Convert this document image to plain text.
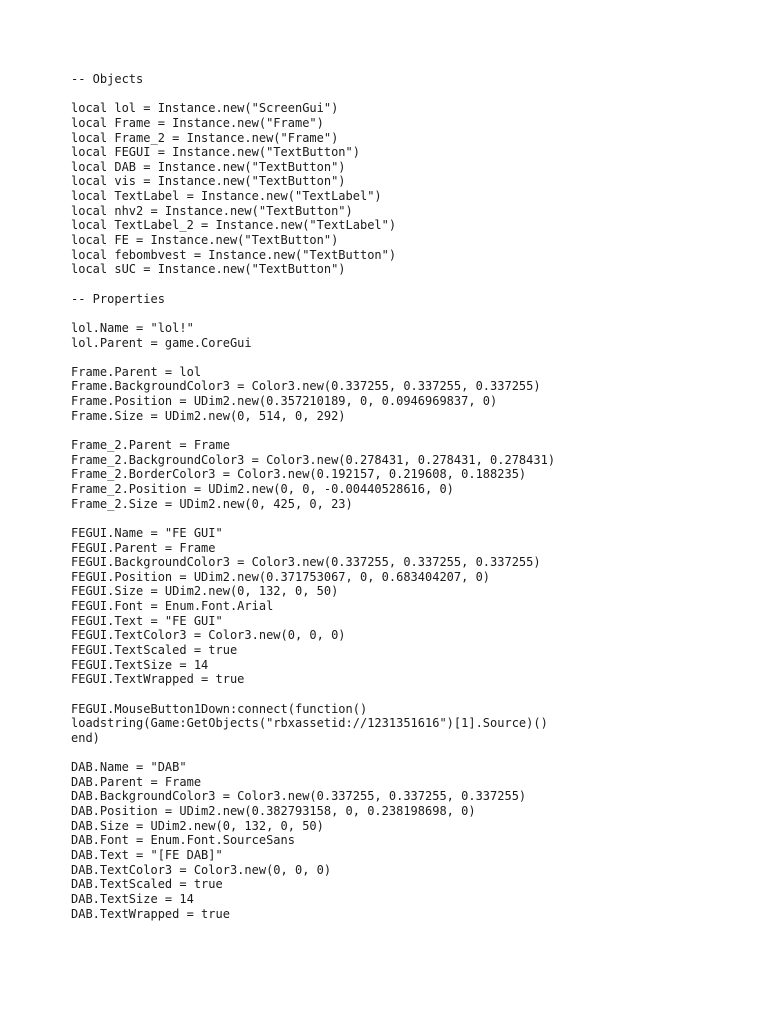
-- Objects
local lol = Instance.new("ScreenGui")
local Frame = Instance.new("Frame")
local Frame_2 = Instance.new("Frame")
local FEGUI = Instance.new("TextButton")
local DAB = Instance.new("TextButton")
local vis = Instance.new("TextButton")
local TextLabel = Instance.new("TextLabel")
local nhv2 = Instance.new("TextButton")
local TextLabel_2 = Instance.new("TextLabel")
local FE = Instance.new("TextButton")
local febombvest = Instance.new("TextButton")
local sUC = Instance.new("TextButton")
-- Properties
lol.Name = "lol!"
lol.Parent = game.CoreGui
Frame.Parent = lol
Frame.BackgroundColor3 = Color3.new(0.337255, 0.337255, 0.337255)
Frame.Position = UDim2.new(0.357210189, 0, 0.0946969837, 0)
Frame.Size = UDim2.new(0, 514, 0, 292)
Frame_2.Parent = Frame
Frame_2.BackgroundColor3 = Color3.new(0.278431, 0.278431, 0.278431)
Frame_2.BorderColor3 = Color3.new(0.192157, 0.219608, 0.188235)
Frame_2.Position = UDim2.new(0, 0, -0.00440528616, 0)
Frame_2.Size = UDim2.new(0, 425, 0, 23)
FEGUI.Name = "FE GUI"
FEGUI.Parent = Frame
FEGUI.BackgroundColor3 = Color3.new(0.337255, 0.337255, 0.337255)
FEGUI.Position = UDim2.new(0.371753067, 0, 0.683404207, 0)
FEGUI.Size = UDim2.new(0, 132, 0, 50)
FEGUI.Font = Enum.Font.Arial
FEGUI.Text = "FE GUI"
FEGUI.TextColor3 = Color3.new(0, 0, 0)
FEGUI.TextScaled = true
FEGUI.TextSize = 14
FEGUI.TextWrapped = true
FEGUI.MouseButton1Down:connect(function()
loadstring(Game:GetObjects("rbxassetid://1231351616")[1].Source)()
end)
DAB.Name = "DAB"
DAB.Parent = Frame
DAB.BackgroundColor3 = Color3.new(0.337255, 0.337255, 0.337255)
DAB.Position = UDim2.new(0.382793158, 0, 0.238198698, 0)
DAB.Size = UDim2.new(0, 132, 0, 50)
DAB.Font = Enum.Font.SourceSans
DAB.Text = "[FE DAB]"
DAB.TextColor3 = Color3.new(0, 0, 0)
DAB.TextScaled = true
DAB.TextSize = 14
DAB.TextWrapped = true
